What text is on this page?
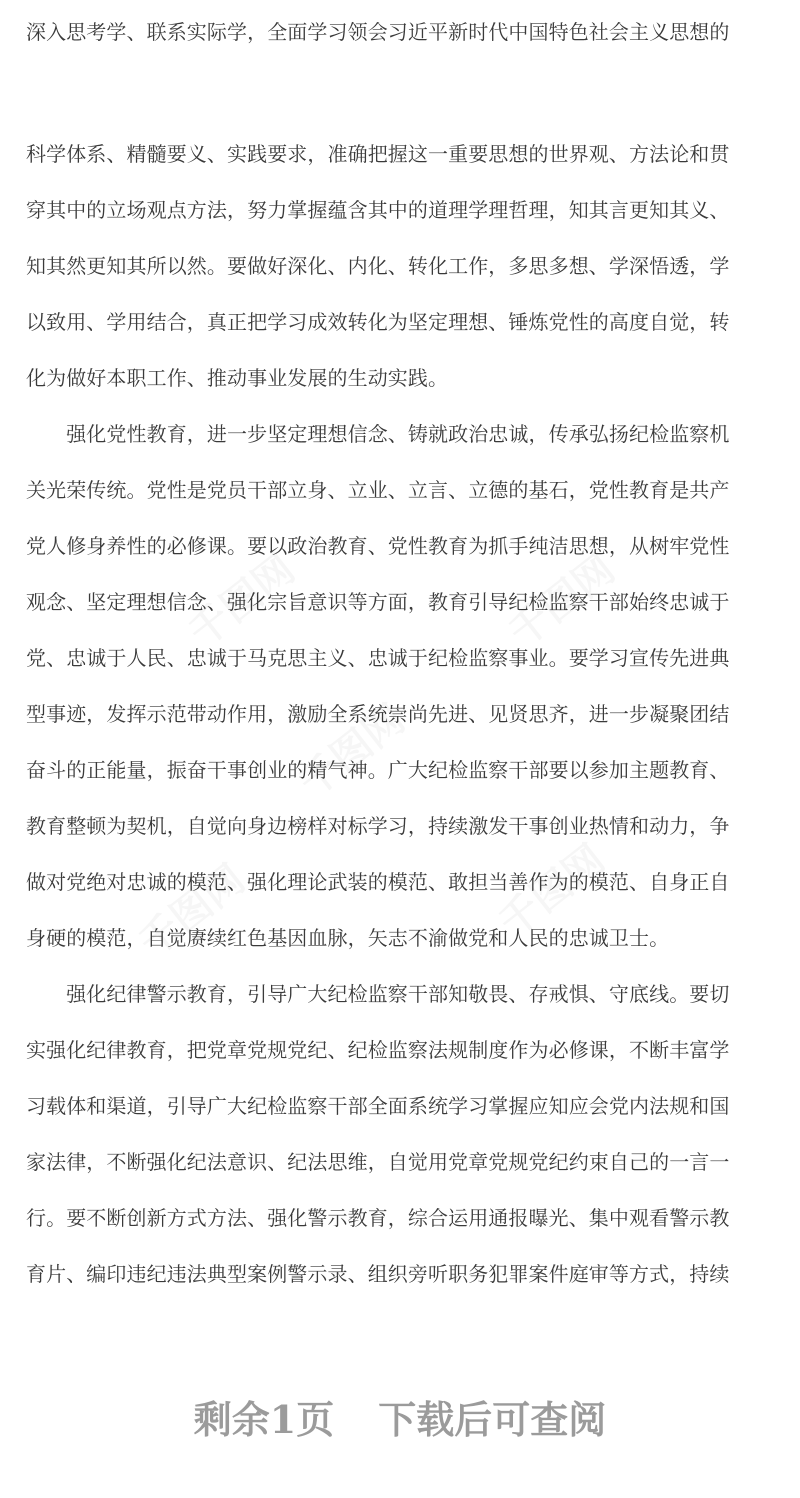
深入思考学、联系实际学，全面学习领会习近平新时代中国特色社会主义思想的
科学体系、精髓要义、实践要求，准确把握这一重要思想的世界观、方法论和贯
穿其中的立场观点方法，努力掌握蕴含其中的道理学理哲理，知其言更知其义、
知其然更知其所以然。要做好深化、内化、转化工作，多思多想、学深悟透，学
以致用、学用结合，真正把学习成效转化为坚定理想、锤炼党性的高度自觉，转
化为做好本职工作、推动事业发展的生动实践。
　　强化党性教育，进一步坚定理想信念、铸就政治忠诚，传承弘扬纪检监察机
关光荣传统。党性是党员干部立身、立业、立言、立德的基石，党性教育是共产
党人修身养性的必修课。要以政治教育、党性教育为抓手纯洁思想，从树牢党性
观念、坚定理想信念、强化宗旨意识等方面，教育引导纪检监察干部始终忠诚于
党、忠诚于人民、忠诚于马克思主义、忠诚于纪检监察事业。要学习宣传先进典
型事迹，发挥示范带动作用，激励全系统崇尚先进、见贤思齐，进一步凝聚团结
奋斗的正能量，振奋干事创业的精气神。广大纪检监察干部要以参加主题教育、
教育整顿为契机，自觉向身边榜样对标学习，持续激发干事创业热情和动力，争
做对党绝对忠诚的模范、强化理论武装的模范、敢担当善作为的模范、自身正自
身硬的模范，自觉赓续红色基因血脉，矢志不渝做党和人民的忠诚卫士。
　　强化纪律警示教育，引导广大纪检监察干部知敬畏、存戒惧、守底线。要切
实强化纪律教育，把党章党规党纪、纪检监察法规制度作为必修课，不断丰富学
习载体和渠道，引导广大纪检监察干部全面系统学习掌握应知应会党内法规和国
家法律，不断强化纪法意识、纪法思维，自觉用党章党规党纪约束自己的一言一
行。要不断创新方式方法、强化警示教育，综合运用通报曝光、集中观看警示教
育片、编印违纪违法典型案例警示录、组织旁听职务犯罪案件庭审等方式，持续
剩余1页 下载后可查阅
